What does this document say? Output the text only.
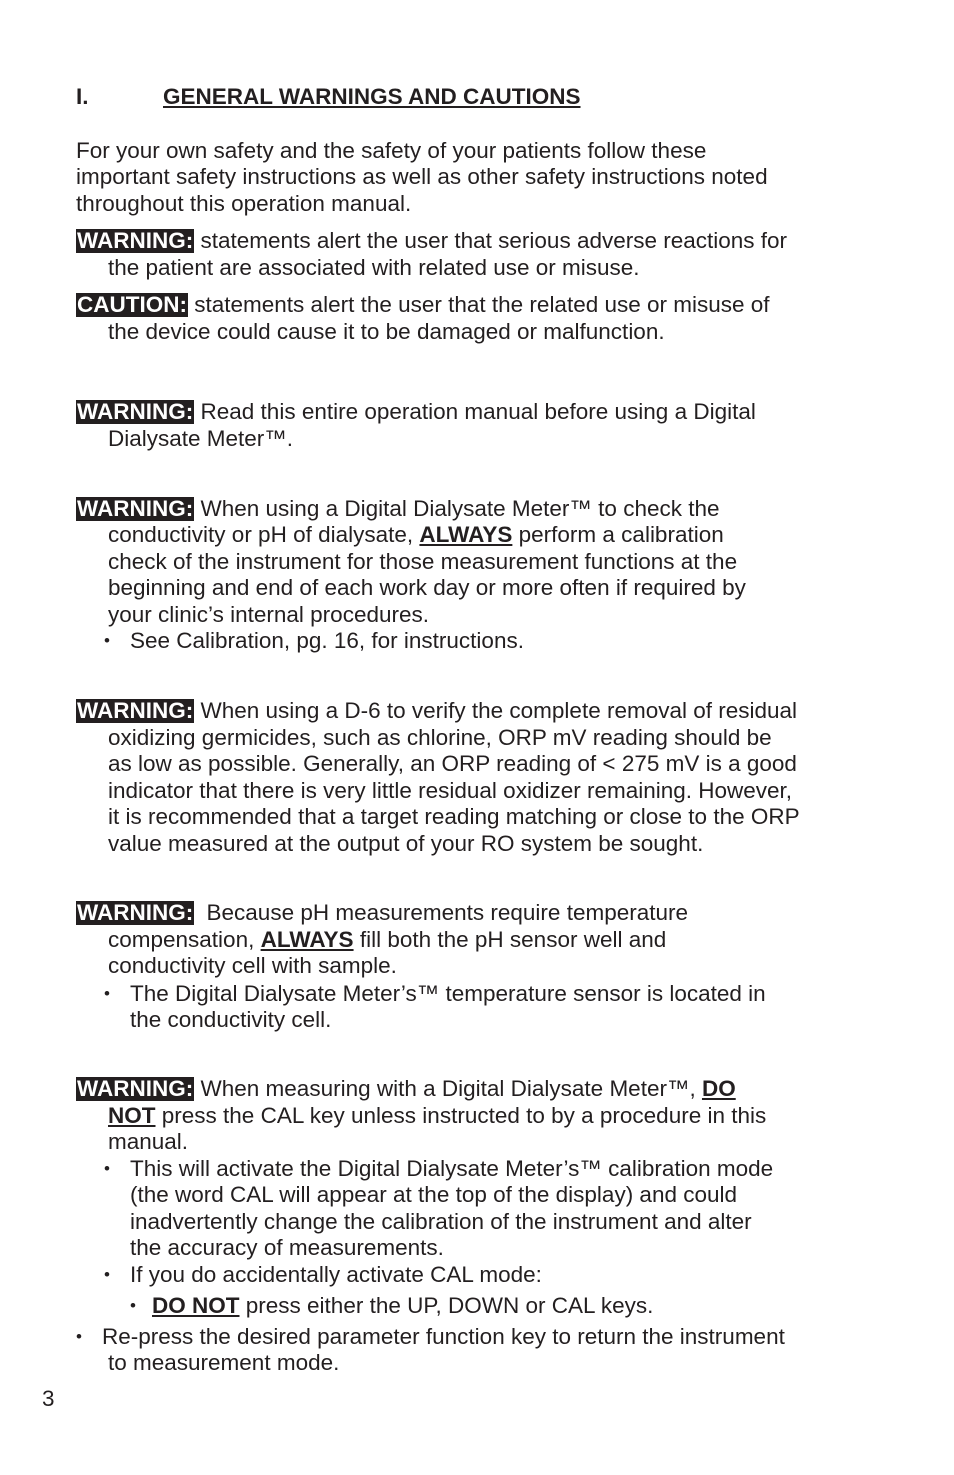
I.	GENERAL WARNINGS AND CAUTIONS
For your own safety and the safety of your patients follow these
important safety instructions as well as other safety instructions noted
throughout this operation manual.
WARNING: statements alert the user that serious adverse reactions for
the patient are associated with related use or misuse.
CAUTION: statements alert the user that the related use or misuse of
the device could cause it to be damaged or malfunction.
WARNING: Read this entire operation manual before using a Digital
Dialysate Meter™.
WARNING: When using a Digital Dialysate Meter™ to check the
conductivity or pH of dialysate, ALWAYS perform a calibration
check of the instrument for those measurement functions at the
beginning and end of each work day or more often if required by
your clinic’s internal procedures.
• See Calibration, pg. 16, for instructions.
WARNING: When using a D-6 to verify the complete removal of residual
oxidizing germicides, such as chlorine, ORP mV reading should be
as low as possible. Generally, an ORP reading of < 275 mV is a good
indicator that there is very little residual oxidizer remaining. However,
it is recommended that a target reading matching or close to the ORP
value measured at the output of your RO system be sought.
WARNING: Because pH measurements require temperature
compensation, ALWAYS fill both the pH sensor well and
conductivity cell with sample.
• The Digital Dialysate Meter’s™ temperature sensor is located in
the conductivity cell.
WARNING: When measuring with a Digital Dialysate Meter™, DO
NOT press the CAL key unless instructed to by a procedure in this
manual.
• This will activate the Digital Dialysate Meter’s™ calibration mode
(the word CAL will appear at the top of the display) and could
inadvertently change the calibration of the instrument and alter
the accuracy of measurements.
• If you do accidentally activate CAL mode:
• DO NOT press either the UP, DOWN or CAL keys.
• Re-press the desired parameter function key to return the instrument
to measurement mode.
3
